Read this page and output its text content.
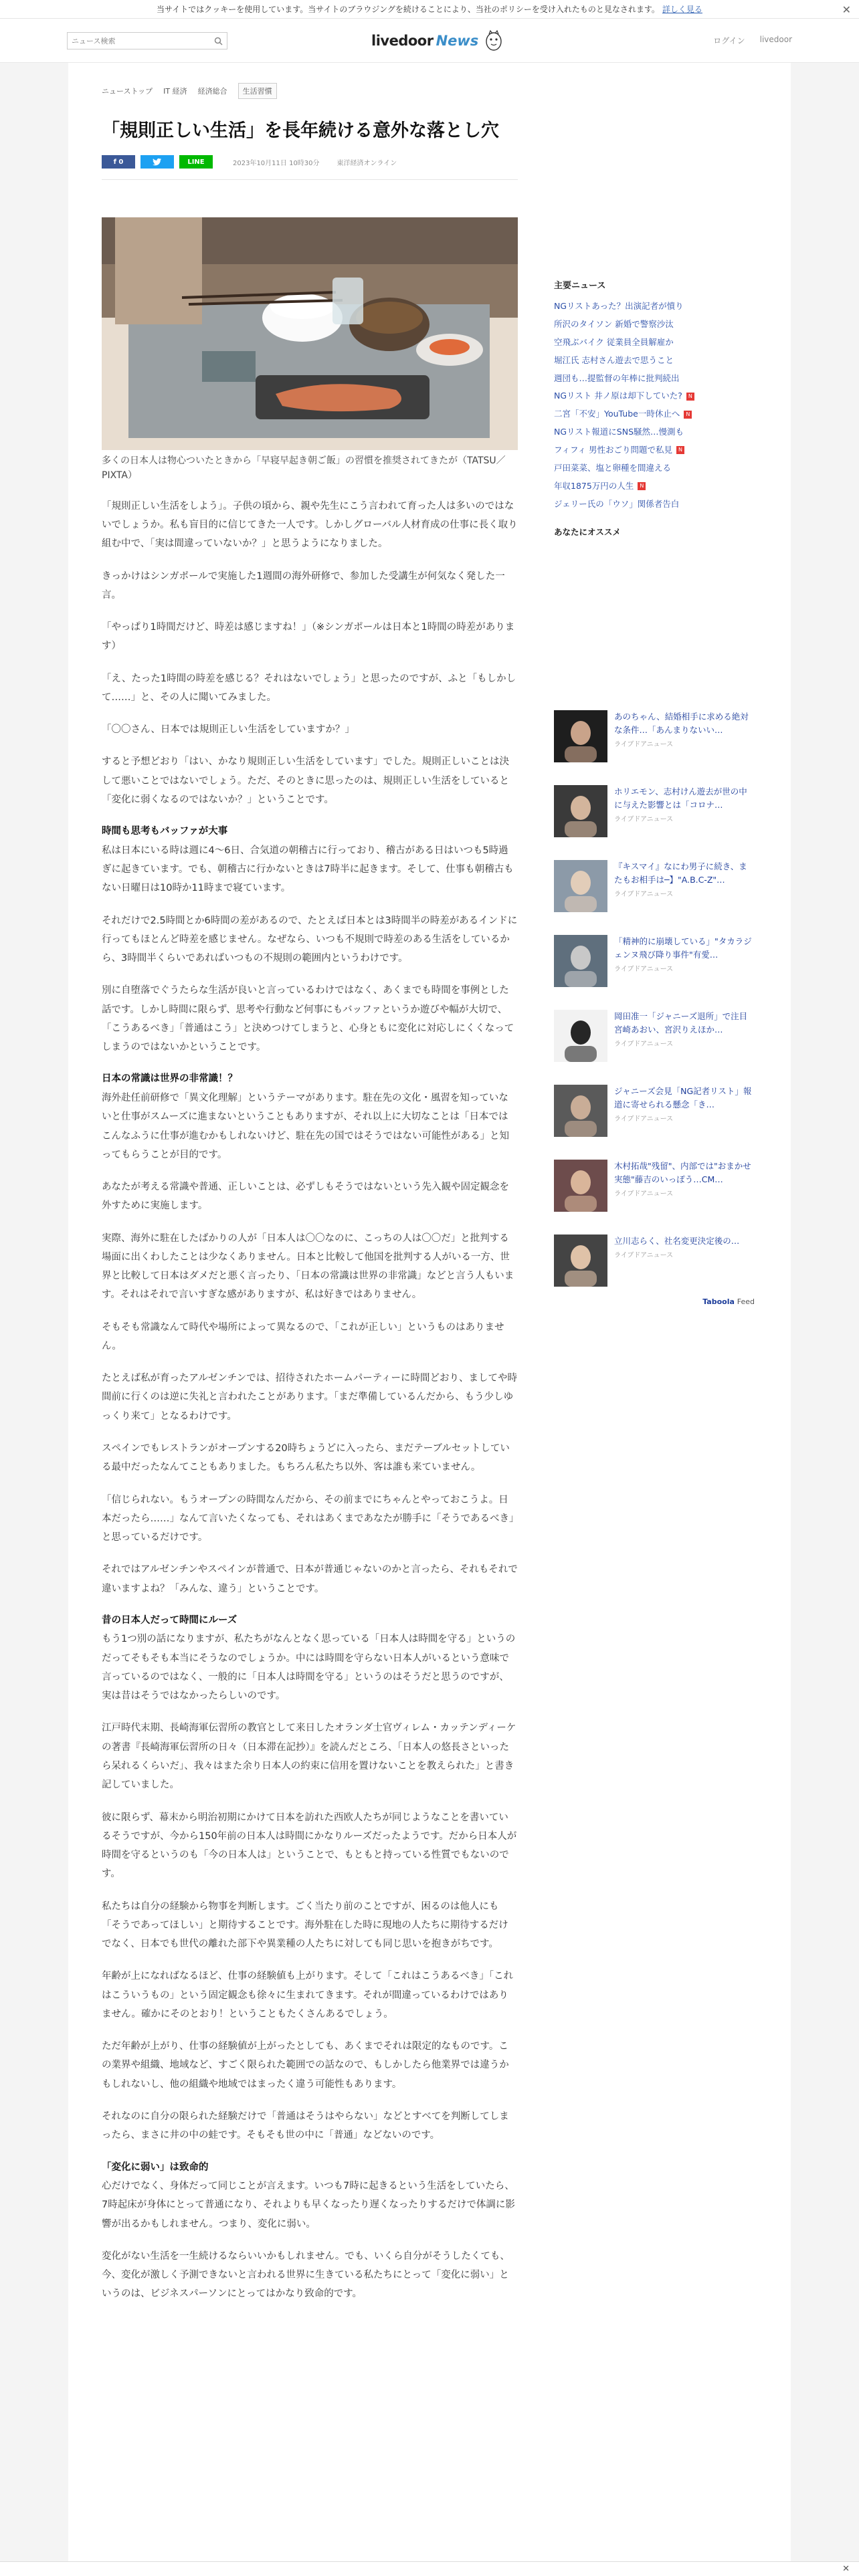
当サイトではクッキーを使用しています。当サイトのブラウジングを続けることにより、当社のポリシーを受け入れたものと見なされます。 詳しく見る	✕
ニュース検索
livedoor News	ログイン livedoor
ニューストップ IT 経済 経済総合	生活習慣
「規則正しい生活」を長年続ける意外な落とし穴
f 0	LINE	2023年10月11日 10時30分	東洋経済オンライン

多くの日本人は物心ついたときから「早寝早起き朝ご飯」の習慣を推奨されてきたが（TATSU／PIXTA）

「規則正しい生活をしよう」。子供の頃から、親や先生にこう言われて育った人は多いのではないでしょうか。私も盲目的に信じてきた一人です。しかしグローバル人材育成の仕事に長く取り組む中で、「実は間違っていないか？」と思うようになりました。

きっかけはシンガポールで実施した1週間の海外研修で、参加した受講生が何気なく発した一言。

「やっぱり1時間だけど、時差は感じますね！」（※シンガポールは日本と1時間の時差があります）

「え、たった1時間の時差を感じる？それはないでしょう」と思ったのですが、ふと「もしかして……」と、その人に聞いてみました。

「〇〇さん、日本では規則正しい生活をしていますか？」

すると予想どおり「はい、かなり規則正しい生活をしています」でした。規則正しいことは決して悪いことではないでしょう。ただ、そのときに思ったのは、規則正しい生活をしていると「変化に弱くなるのではないか？」ということです。

時間も思考もバッファが大事

私は日本にいる時は週に4〜6日、合気道の朝稽古に行っており、稽古がある日はいつも5時過ぎに起きています。でも、朝稽古に行かないときは7時半に起きます。そして、仕事も朝稽古もない日曜日は10時か11時まで寝ています。

それだけで2.5時間とか6時間の差があるので、たとえば日本とは3時間半の時差があるインドに行ってもほとんど時差を感じません。なぜなら、いつも不規則で時差のある生活をしているから、3時間半くらいであればいつもの不規則の範囲内というわけです。

別に自堕落でぐうたらな生活が良いと言っているわけではなく、あくまでも時間を事例とした話です。しかし時間に限らず、思考や行動など何事にもバッファというか遊びや幅が大切で、「こうあるべき」「普通はこう」と決めつけてしまうと、心身ともに変化に対応しにくくなってしまうのではないかということです。

日本の常識は世界の非常識！？

海外赴任前研修で「異文化理解」というテーマがあります。駐在先の文化・風習を知っていないと仕事がスムーズに進まないということもありますが、それ以上に大切なことは「日本ではこんなふうに仕事が進むかもしれないけど、駐在先の国ではそうではない可能性がある」と知ってもらうことが目的です。

あなたが考える常識や普通、正しいことは、必ずしもそうではないという先入観や固定観念を外すために実施します。

実際、海外に駐在したばかりの人が「日本人は〇〇なのに、こっちの人は〇〇だ」と批判する場面に出くわしたことは少なくありません。日本と比較して他国を批判する人がいる一方、世界と比較して日本はダメだと悪く言ったり、「日本の常識は世界の非常識」などと言う人もいます。それはそれで言いすぎな感がありますが、私は好きではありません。

そもそも常識なんて時代や場所によって異なるので、「これが正しい」というものはありません。

たとえば私が育ったアルゼンチンでは、招待されたホームパーティーに時間どおり、ましてや時間前に行くのは逆に失礼と言われたことがあります。「まだ準備しているんだから、もう少しゆっくり来て」となるわけです。

スペインでもレストランがオープンする20時ちょうどに入ったら、まだテーブルセットしている最中だったなんてこともありました。もちろん私たち以外、客は誰も来ていません。

「信じられない。もうオープンの時間なんだから、その前までにちゃんとやっておこうよ。日本だったら……」なんて言いたくなっても、それはあくまであなたが勝手に「そうであるべき」と思っているだけです。

それではアルゼンチンやスペインが普通で、日本が普通じゃないのかと言ったら、それもそれで違いますよね？「みんな、違う」ということです。

昔の日本人だって時間にルーズ

もう1つ別の話になりますが、私たちがなんとなく思っている「日本人は時間を守る」というのだってそもそも本当にそうなのでしょうか。中には時間を守らない日本人がいるという意味で言っているのではなく、一般的に「日本人は時間を守る」というのはそうだと思うのですが、実は昔はそうではなかったらしいのです。

江戸時代末期、長崎海軍伝習所の教官として来日したオランダ士官ヴィレム・カッテンディーケの著書『長崎海軍伝習所の日々（日本滞在記抄）』を読んだところ、「日本人の悠長さといったら呆れるくらいだ」、我々はまた余り日本人の約束に信用を置けないことを教えられた」と書き記していました。

彼に限らず、幕末から明治初期にかけて日本を訪れた西欧人たちが同じようなことを書いているそうですが、今から150年前の日本人は時間にかなりルーズだったようです。だから日本人が時間を守るというのも「今の日本人は」ということで、もともと持っている性質でもないのです。

私たちは自分の経験から物事を判断します。ごく当たり前のことですが、困るのは他人にも「そうであってほしい」と期待することです。海外駐在した時に現地の人たちに期待するだけでなく、日本でも世代の離れた部下や異業種の人たちに対しても同じ思いを抱きがちです。

年齢が上になればなるほど、仕事の経験値も上がります。そして「これはこうあるべき」「これはこういうもの」という固定観念も徐々に生まれてきます。それが間違っているわけではありません。確かにそのとおり！ということもたくさんあるでしょう。

ただ年齢が上がり、仕事の経験値が上がったとしても、あくまでそれは限定的なものです。この業界や組織、地域など、すごく限られた範囲での話なので、もしかしたら他業界では違うかもしれないし、他の組織や地域ではまったく違う可能性もあります。

それなのに自分の限られた経験だけで「普通はそうはやらない」などとすべてを判断してしまったら、まさに井の中の蛙です。そもそも世の中に「普通」などないのです。

「変化に弱い」は致命的

心だけでなく、身体だって同じことが言えます。いつも7時に起きるという生活をしていたら、7時起床が身体にとって普通になり、それよりも早くなったり遅くなったりするだけで体調に影響が出るかもしれません。つまり、変化に弱い。

変化がない生活を一生続けるならいいかもしれません。でも、いくら自分がそうしたくても、今、変化が激しく予測できないと言われる世界に生きている私たちにとって「変化に弱い」というのは、ビジネスパーソンにとってはかなり致命的です。

主要ニュース
NGリストあった？出演記者が憤り
所沢のタイソン 新婚で警察沙汰
空飛ぶバイク 従業員全員解雇か
堀江氏 志村さん遊去で思うこと
週団も…提監督の年棒に批判続出
NGリスト 井ノ原は却下していた?	N
二宮「不安」YouTube一時休止へ	N
NGリスト報道にSNS騒然…慢測も
フィフィ 男性おごり問題で私見	N
戸田菜菜、塩と卵種を間違える
年収1875万円の人生	N
ジェリー氏の「ウソ」関係者告白
あなたにオススメ
あのちゃん、結婚相手に求める絶対な条件…「あんまりないい…
ライブドアニュース
ホリエモン、志村けん遊去が世の中に与えた影響とは「コロナ…
ライブドアニュース
『キスマイ』なにわ男子に続き、またもお相手は─】"A.B.C-Z"…
ライブドアニュース
「精神的に崩壊している」"タカラジェンヌ飛び降り事件"有愛…
ライブドアニュース
岡田准一「ジャニーズ退所」で注目 宮崎あおい、宮沢りえほか…
ライブドアニュース
ジャニーズ会見「NG記者リスト」報道に寄せられる懸念「き…
ライブドアニュース
木村拓哉"残留"、内部では"おまかせ実態"藤吉のいっぽう…CM…
ライブドアニュース
立川志らく、社名変更決定後の…
ライブドアニュース
Taboola Feed
✕
